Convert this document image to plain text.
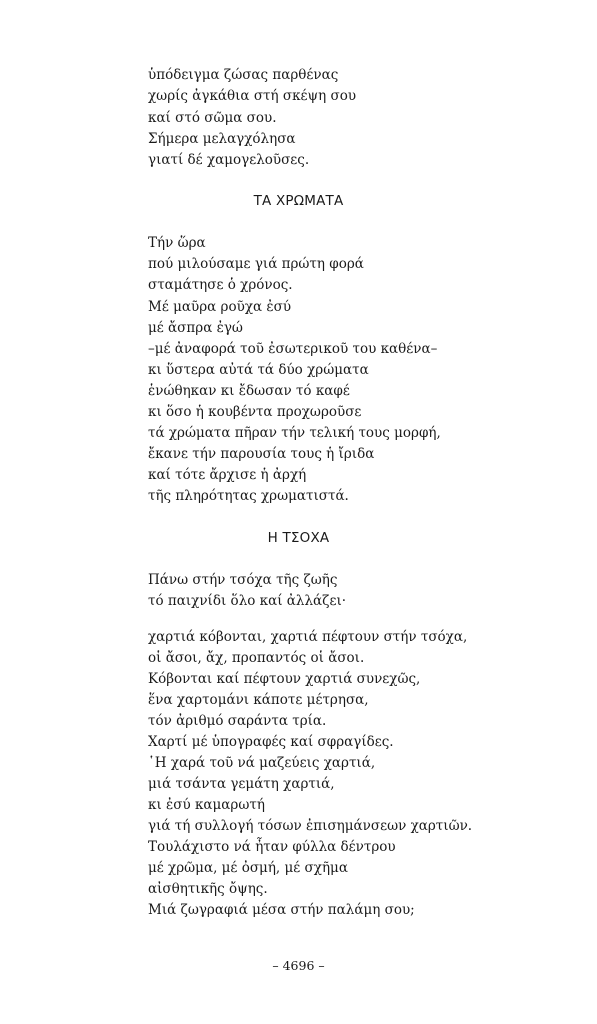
ὑπόδειγμα ζώσας παρθένας
χωρίς ἀγκάθια στή σκέψη σου
καί στό σῶμα σου.
Σήμερα μελαγχόλησα
γιατί δέ χαμογελοῦσες.
ΤΑ ΧΡΩΜΑΤΑ
Τήν ὥρα
πού μιλούσαμε γιά πρώτη φορά
σταμάτησε ὁ χρόνος.
Μέ μαῦρα ροῦχα ἐσύ
μέ ἄσπρα ἐγώ
–μέ ἀναφορά τοῦ ἐσωτερικοῦ του καθένα–
κι ὕστερα αὐτά τά δύο χρώματα
ἑνώθηκαν κι ἔδωσαν τό καφέ
κι ὅσο ἡ κουβέντα προχωροῦσε
τά χρώματα πῆραν τήν τελική τους μορφή,
ἔκανε τήν παρουσία τους ἡ ἴριδα
καί τότε ἄρχισε ἡ ἀρχή
τῆς πληρότητας χρωματιστά.
Η ΤΣΟΧΑ
Πάνω στήν τσόχα τῆς ζωῆς
τό παιχνίδι ὅλο καί ἀλλάζει·
χαρτιά κόβονται, χαρτιά πέφτουν στήν τσόχα,
οἱ ἄσοι, ἄχ, προπαντός οἱ ἄσοι.
Κόβονται καί πέφτουν χαρτιά συνεχῶς,
ἕνα χαρτομάνι κάποτε μέτρησα,
τόν ἀριθμό σαράντα τρία.
Χαρτί μέ ὑπογραφές καί σφραγίδες.
῾Η χαρά τοῦ νά μαζεύεις χαρτιά,
μιά τσάντα γεμάτη χαρτιά,
κι ἐσύ καμαρωτή
γιά τή συλλογή τόσων ἐπισημάνσεων χαρτιῶν.
Τουλάχιστο νά ἦταν φύλλα δέντρου
μέ χρῶμα, μέ ὀσμή, μέ σχῆμα
αἰσθητικῆς ὄψης.
Μιά ζωγραφιά μέσα στήν παλάμη σου;
– 4696 –
